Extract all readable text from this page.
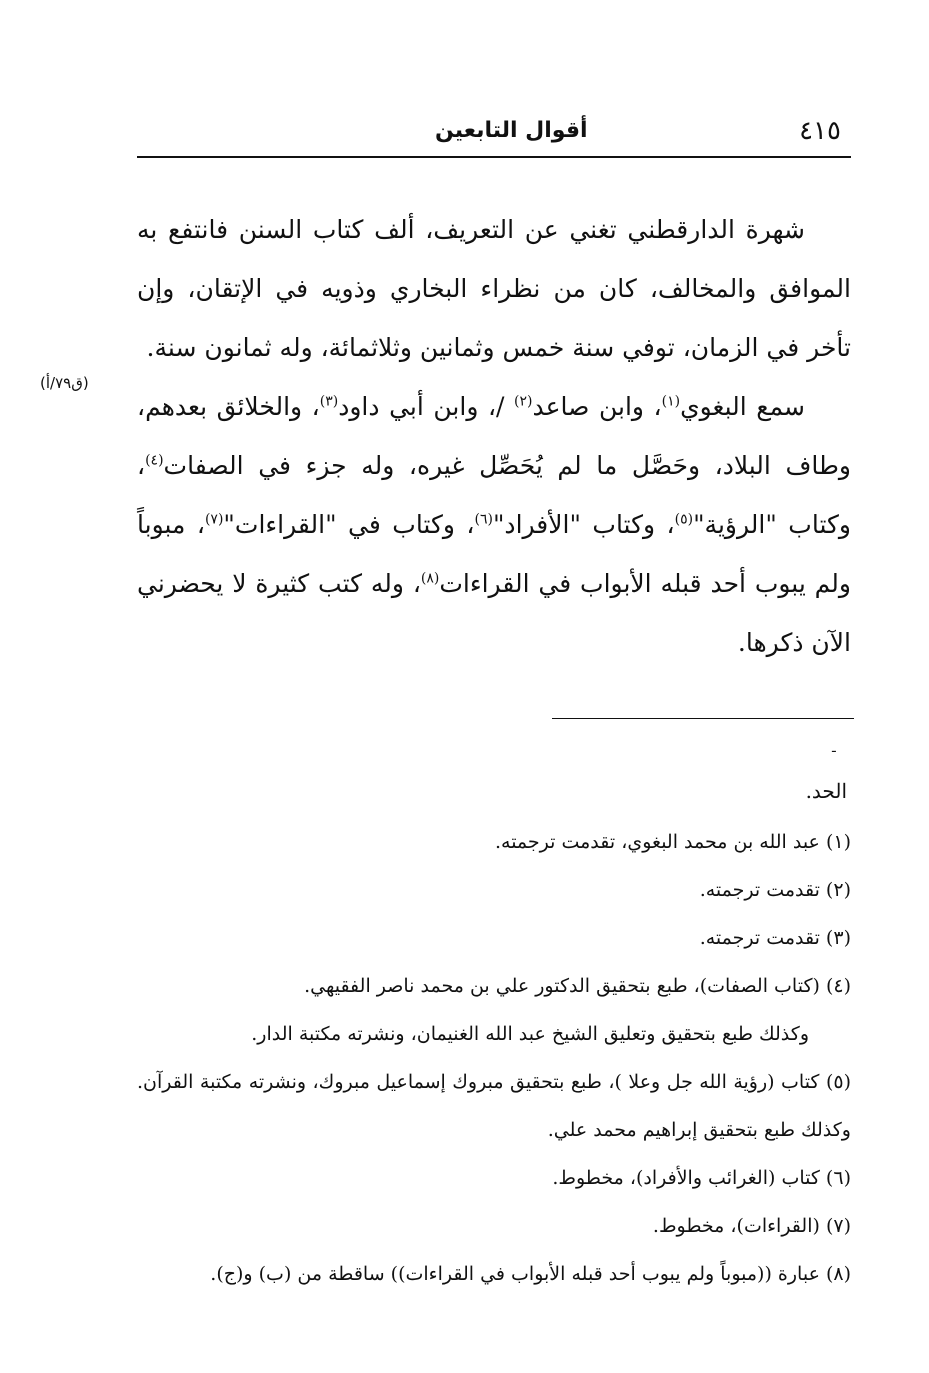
٤١٥
أقوال التابعين
(ق٧٩/أ)

شهرة الدارقطني تغني عن التعريف، ألف كتاب السنن فانتفع به الموافق والمخالف، كان من نظراء البخاري وذويه في الإتقان، وإن تأخر في الزمان، توفي سنة خمس وثمانين وثلاثمائة، وله ثمانون سنة.

سمع البغوي$^{(١)}$، وابن صاعد$^{(٢)}$ /، وابن أبي داود$^{(٣)}$، والخلائق بعدهم، وطاف البلاد، وحَصَّل ما لم يُحَصِّل غيره، وله جزء في الصفات$^{(٤)}$، وكتاب "الرؤية"$^{(٥)}$، وكتاب "الأفراد"$^{(٦)}$، وكتاب في "القراءات"$^{(٧)}$، مبوباً ولم يبوب أحد قبله الأبواب في القراءات$^{(٨)}$، وله كتب كثيرة لا يحضرني الآن ذكرها.

ـ
الحد.

(١) عبد الله بن محمد البغوي، تقدمت ترجمته.

(٢) تقدمت ترجمته.

(٣) تقدمت ترجمته.

(٤) (كتاب الصفات)، طبع بتحقيق الدكتور علي بن محمد ناصر الفقيهي.

وكذلك طبع بتحقيق وتعليق الشيخ عبد الله الغنيمان، ونشرته مكتبة الدار.

(٥) كتاب (رؤية الله جل وعلا )، طبع بتحقيق مبروك إسماعيل مبروك، ونشرته مكتبة القرآن. وكذلك طبع بتحقيق إبراهيم محمد علي.

(٦) كتاب (الغرائب والأفراد)، مخطوط.

(٧) (القراءات)، مخطوط.

(٨) عبارة ((مبوباً ولم يبوب أحد قبله الأبواب في القراءات)) ساقطة من (ب) و(ج).
